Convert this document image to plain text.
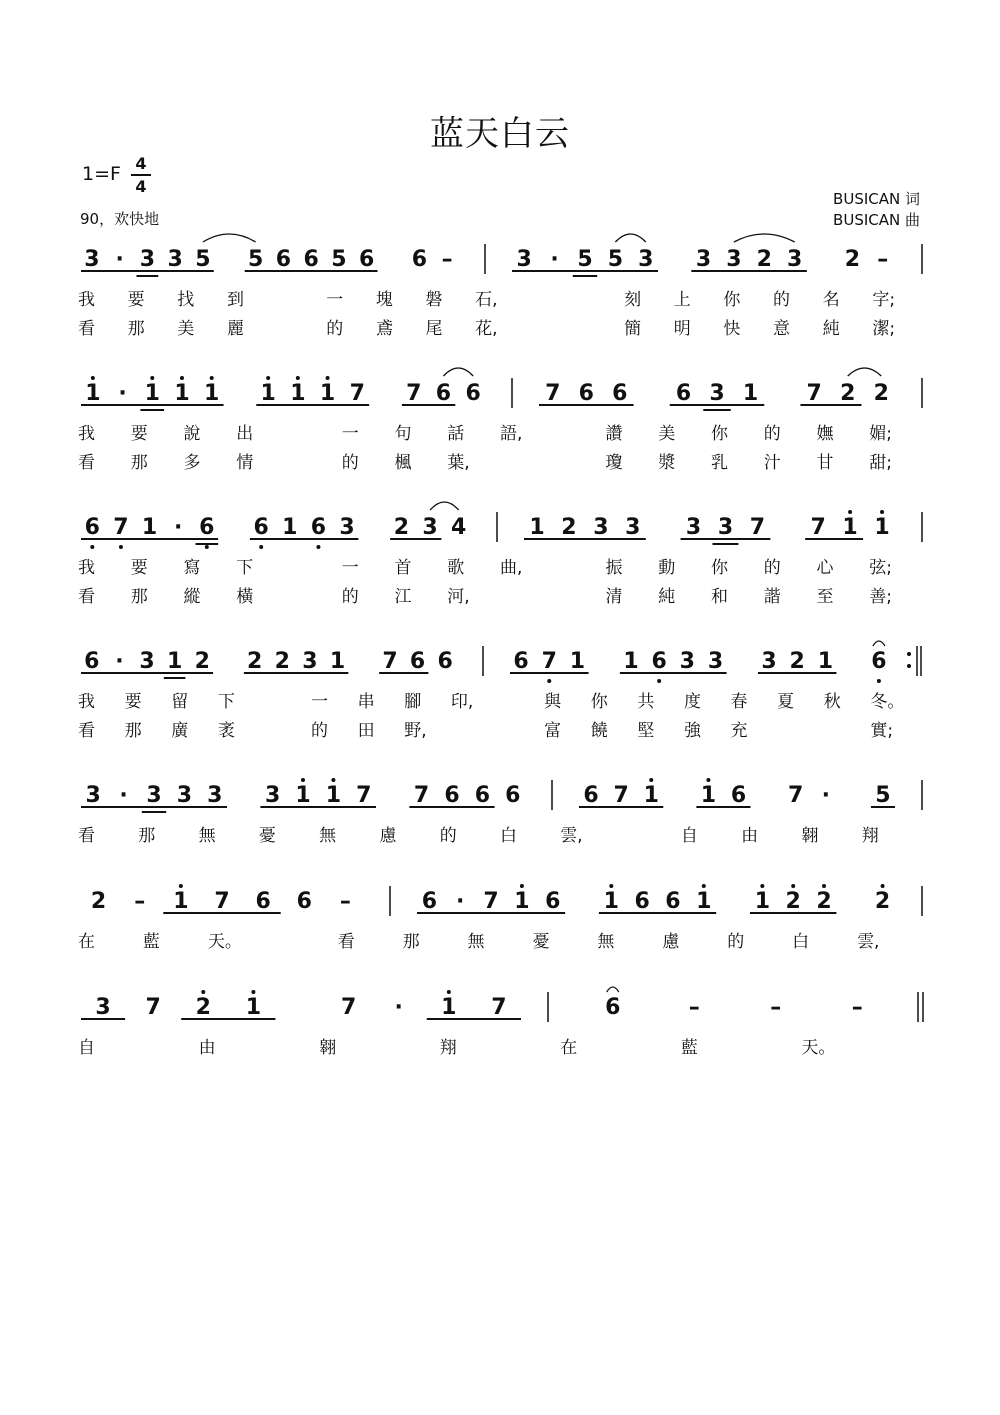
蓝天白云
1=F 4
4
90，欢快地
BUSICAN 词
BUSICAN 曲
3 · 3 3 5 5 6 6 5 6 6 –	3 · 5 5 3 3 3 2 3 2 –
我 要 找 到	一 塊 磐 石,	刻 上 你 的 名 字;
看 那 美 麗	的 鳶 尾 花,	簡 明 快 意 純 潔;
1 · 1 1 1 1 1 1 7 7 6 6	7 6 6 6 3 1 7 2 2
我 要 說 出	一 句 話 語,	讚 美 你 的 嫵 媚;
看 那 多 情	的 楓 葉,	瓊 漿 乳 汁 甘 甜;
6 7 1 · 6 6 1 6 3 2 3 4	1 2 3 3 3 3 7 7 1 1
我 要 寫 下	一 首 歌 曲,	振 動 你 的 心 弦;
看 那 縱 橫	的 江 河,	清 純 和 諧 至 善;
6 · 3 1 2 2 2 3 1 7 6 6	6 7 1 1 6 3 3 3 2 1 6
我 要 留 下	一 串 腳 印,	與 你 共 度 春 夏 秋 冬。
看 那 廣 袤	的 田 野,	富 饒 堅 強 充	實;
3 · 3 3 3 3 1 1 7 7 6 6 6	6 7 1 1 6 7 · 5
看	那	無	憂	無	慮	的	白	雲,	自	由	翱	翔
2 – 1 7 6 6 –	6 · 7 1 6 1 6 6 1 1 2 2 2
在	藍	天。	看	那	無	憂	無	慮	的	白	雲,
3 7 2 1	7 · 1 7	6	–	–	–
自	由	翱	翔	在	藍	天。
